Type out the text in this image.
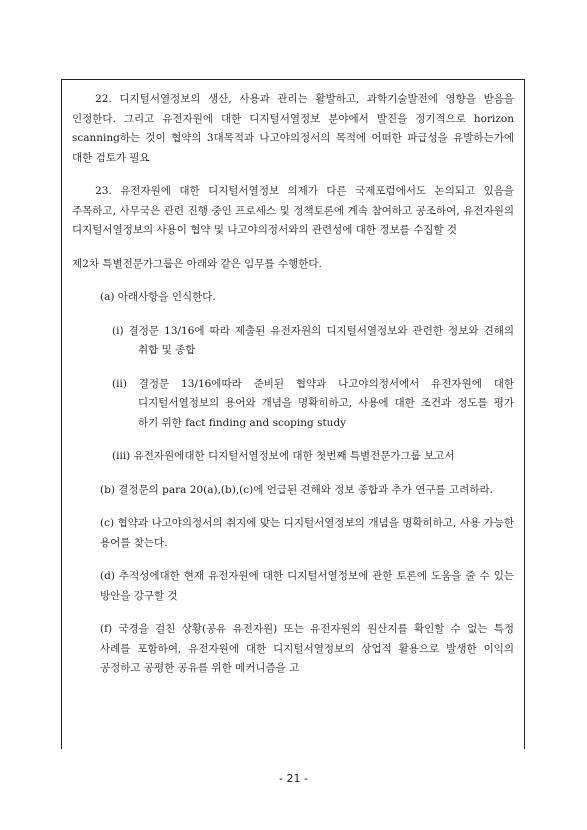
22. 디지털서열정보의 생산, 사용과 관리는 활발하고, 과학기술발전에 영향을 받음을 인정한다. 그리고 유전자원에 대한 디지털서열정보 분야에서 발진을 정기적으로 horizon scanning하는 것이 협약의 3대목적과 나고야의정서의 목적에 어떠한 파급성을 유발하는가에 대한 검토가 필요

23. 유전자원에 대한 디지털서열정보 의제가 다른 국제포럼에서도 논의되고 있음을 주목하고, 사무국은 관련 진행 중인 프로세스 및 정책토론에 계속 참여하고 공조하여, 유전자원의 디지털서열정보의 사용이 협약 및 나고야의정서와의 관련성에 대한 정보를 수집할 것

제2차 특별전문가그룹은 아래와 같은 임무를 수행한다.

(a) 아래사항을 인식한다.

(i) 결정문 13/16에 따라 제출된 유전자원의 디지털서열정보와 관련한 정보와 견해의 취합 및 종합

(ii) 결정문 13/16에따라 준비된 협약과 나고야의정서에서 유전자원에 대한 디지털서열정보의 용어와 개념을 명확히하고, 사용에 대한 조건과 정도를 평가 하기 위한 fact finding and scoping study

(iii) 유전자원에대한 디지털서열정보에 대한 첫번째 특별전문가그룹 보고서

(b) 결정문의 para 20(a),(b),(c)에 언급된 견해와 정보 종합과 추가 연구를 고려하라.

(c) 협약과 나고야의정서의 취지에 맞는 디지털서열정보의 개념을 명확히하고, 사용 가능한 용어를 찾는다.

(d) 추적성에대한 현재 유전자원에 대한 디지털서열정보에 관한 토론에 도움을 줄 수 있는 방안을 강구할 것

(f) 국경을 걸친 상황(공유 유전자원) 또는 유전자원의 원산지를 확인할 수 없는 특정 사례를 포함하여, 유전자원에 대한 디지털서열정보의 상업적 활용으로 발생한 이익의 공정하고 공평한 공유를 위한 메커니즘을 고

- 21 -
